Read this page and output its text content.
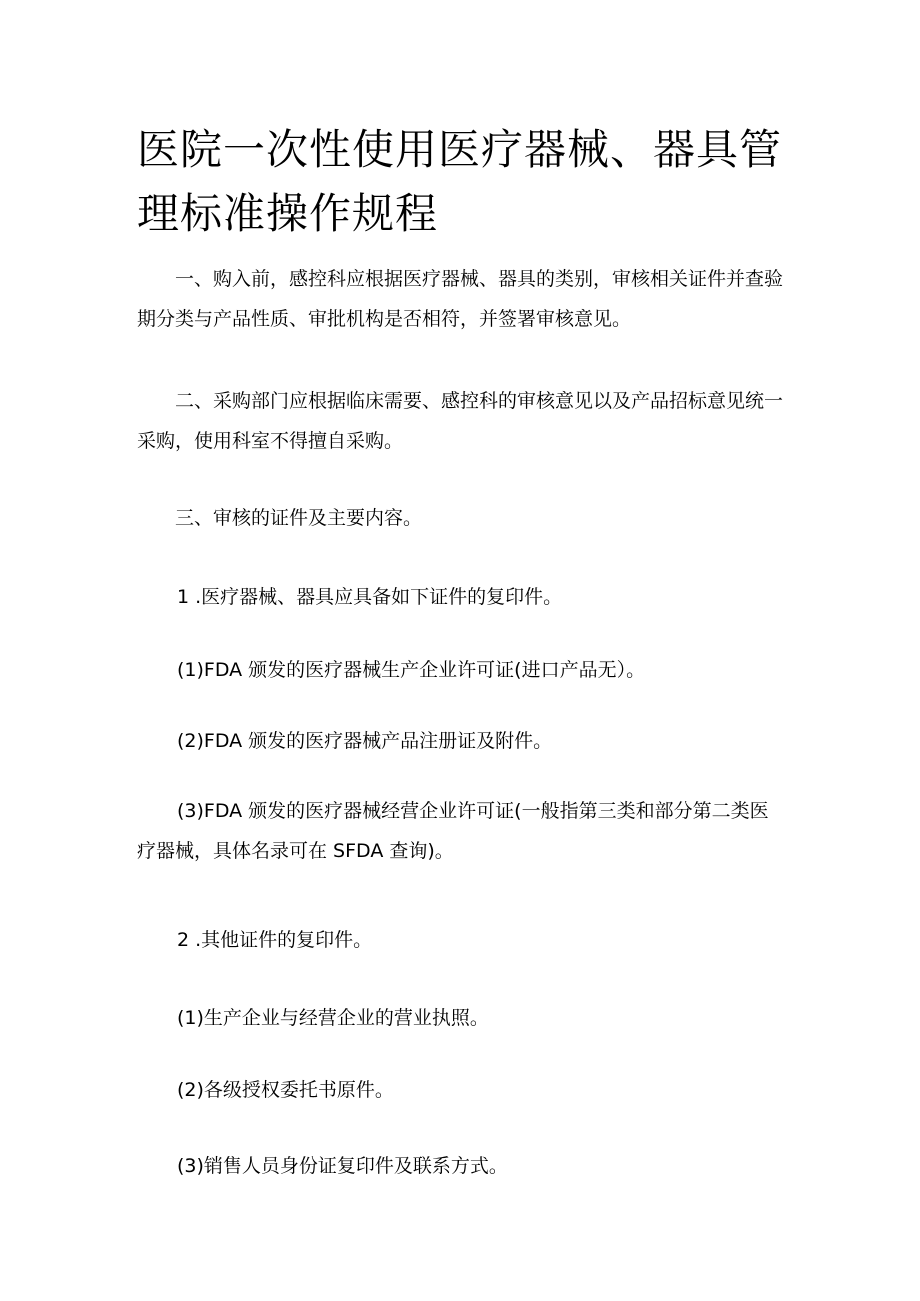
医院一次性使用医疗器械、器具管理标准操作规程

一、购入前，感控科应根据医疗器械、器具的类别，审核相关证件并查验期分类与产品性质、审批机构是否相符，并签署审核意见。

二、采购部门应根据临床需要、感控科的审核意见以及产品招标意见统一采购，使用科室不得擅自采购。

三、审核的证件及主要内容。

1 .医疗器械、器具应具备如下证件的复印件。

(1)FDA 颁发的医疗器械生产企业许可证(进口产品无）。

(2)FDA 颁发的医疗器械产品注册证及附件。

(3)FDA 颁发的医疗器械经营企业许可证(一般指第三类和部分第二类医疗器械，具体名录可在 SFDA 查询)。

2 .其他证件的复印件。

(1)生产企业与经营企业的营业执照。

(2)各级授权委托书原件。

(3)销售人员身份证复印件及联系方式。
